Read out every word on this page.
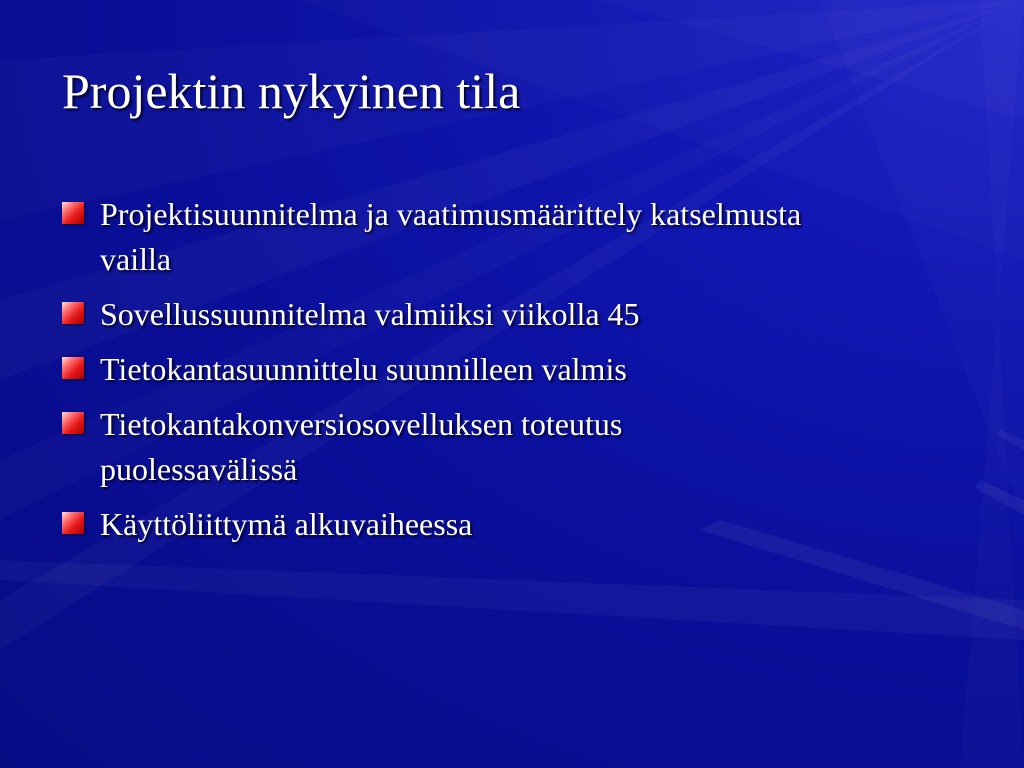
Projektin nykyinen tila
Projektisuunnitelma ja vaatimusmäärittely katselmusta vailla
Sovellussuunnitelma valmiiksi viikolla 45
Tietokantasuunnittelu suunnilleen valmis
Tietokantakonversiosovelluksen toteutus puolessavälissä
Käyttöliittymä alkuvaiheessa
